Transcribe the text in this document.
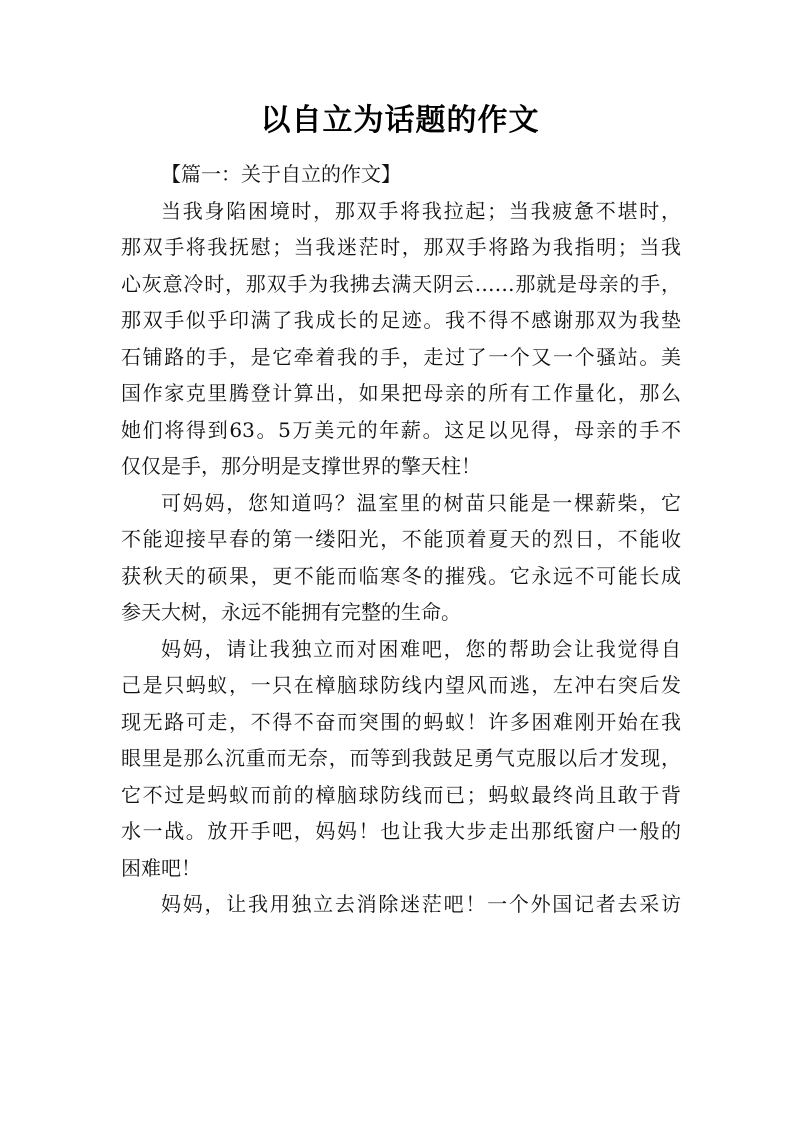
以自立为话题的作文

【篇一：关于自立的作文】

当我身陷困境时，那双手将我拉起；当我疲惫不堪时，
那双手将我抚慰；当我迷茫时，那双手将路为我指明；当我
心灰意冷时，那双手为我拂去满天阴云……那就是母亲的手，
那双手似乎印满了我成长的足迹。我不得不感谢那双为我垫
石铺路的手，是它牵着我的手，走过了一个又一个骚站。美
国作家克里腾登计算出，如果把母亲的所有工作量化，那么
她们将得到63。5万美元的年薪。这足以见得，母亲的手不
仅仅是手，那分明是支撑世界的擎天柱！

可妈妈，您知道吗？温室里的树苗只能是一棵薪柴，它
不能迎接早春的第一缕阳光，不能顶着夏天的烈日，不能收
获秋天的硕果，更不能而临寒冬的摧残。它永远不可能长成
参天大树，永远不能拥有完整的生命。

妈妈，请让我独立而对困难吧，您的帮助会让我觉得自
己是只蚂蚁，一只在樟脑球防线内望风而逃，左冲右突后发
现无路可走，不得不奋而突围的蚂蚁！许多困难刚开始在我
眼里是那么沉重而无奈，而等到我鼓足勇气克服以后才发现，
它不过是蚂蚁而前的樟脑球防线而已；蚂蚁最终尚且敢于背
水一战。放开手吧，妈妈！也让我大步走出那纸窗户一般的
困难吧！

妈妈，让我用独立去消除迷茫吧！一个外国记者去采访
